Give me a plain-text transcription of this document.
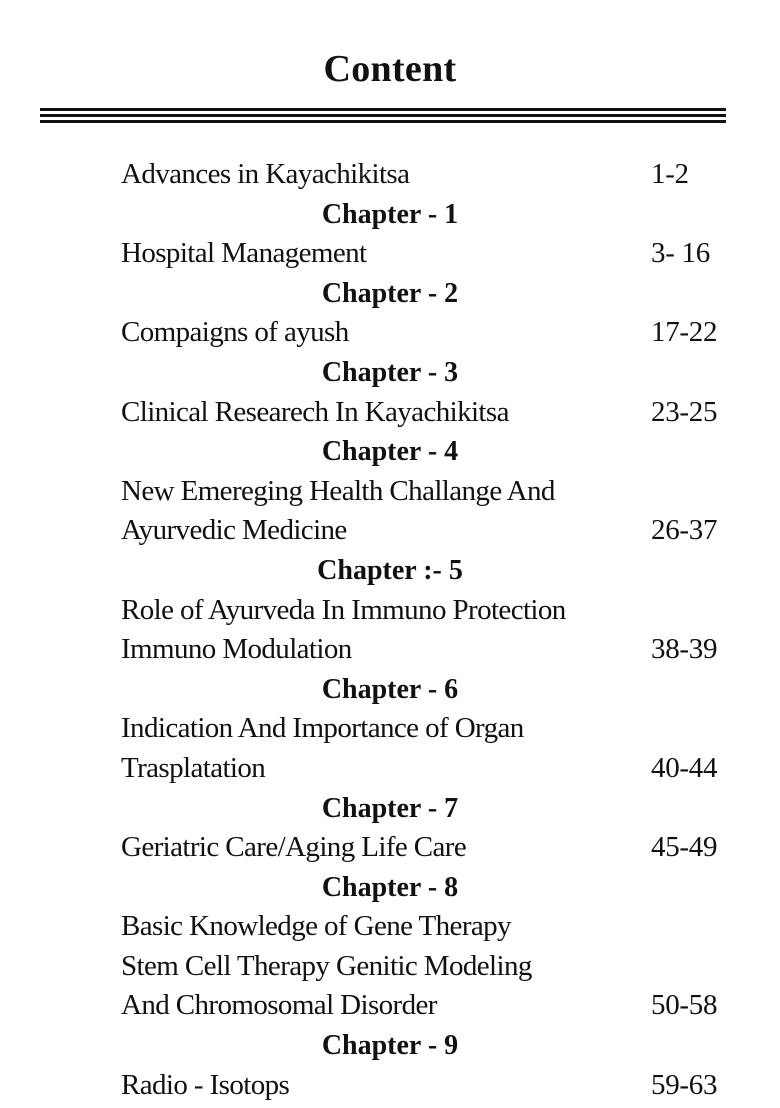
Content
Advances in Kayachikitsa	1-2
Chapter - 1
Hospital Management	3- 16
Chapter - 2
Compaigns of ayush	17-22
Chapter - 3
Clinical Researech In Kayachikitsa	23-25
Chapter - 4
New Emereging Health Challange And
Ayurvedic Medicine	26-37
Chapter :- 5
Role of Ayurveda In Immuno Protection
Immuno Modulation	38-39
Chapter - 6
Indication And Importance of Organ
Trasplatation	40-44
Chapter - 7
Geriatric Care/Aging Life Care	45-49
Chapter - 8
Basic Knowledge of Gene Therapy
Stem Cell Therapy Genitic Modeling
And Chromosomal Disorder	50-58
Chapter - 9
Radio - Isotops	59-63
